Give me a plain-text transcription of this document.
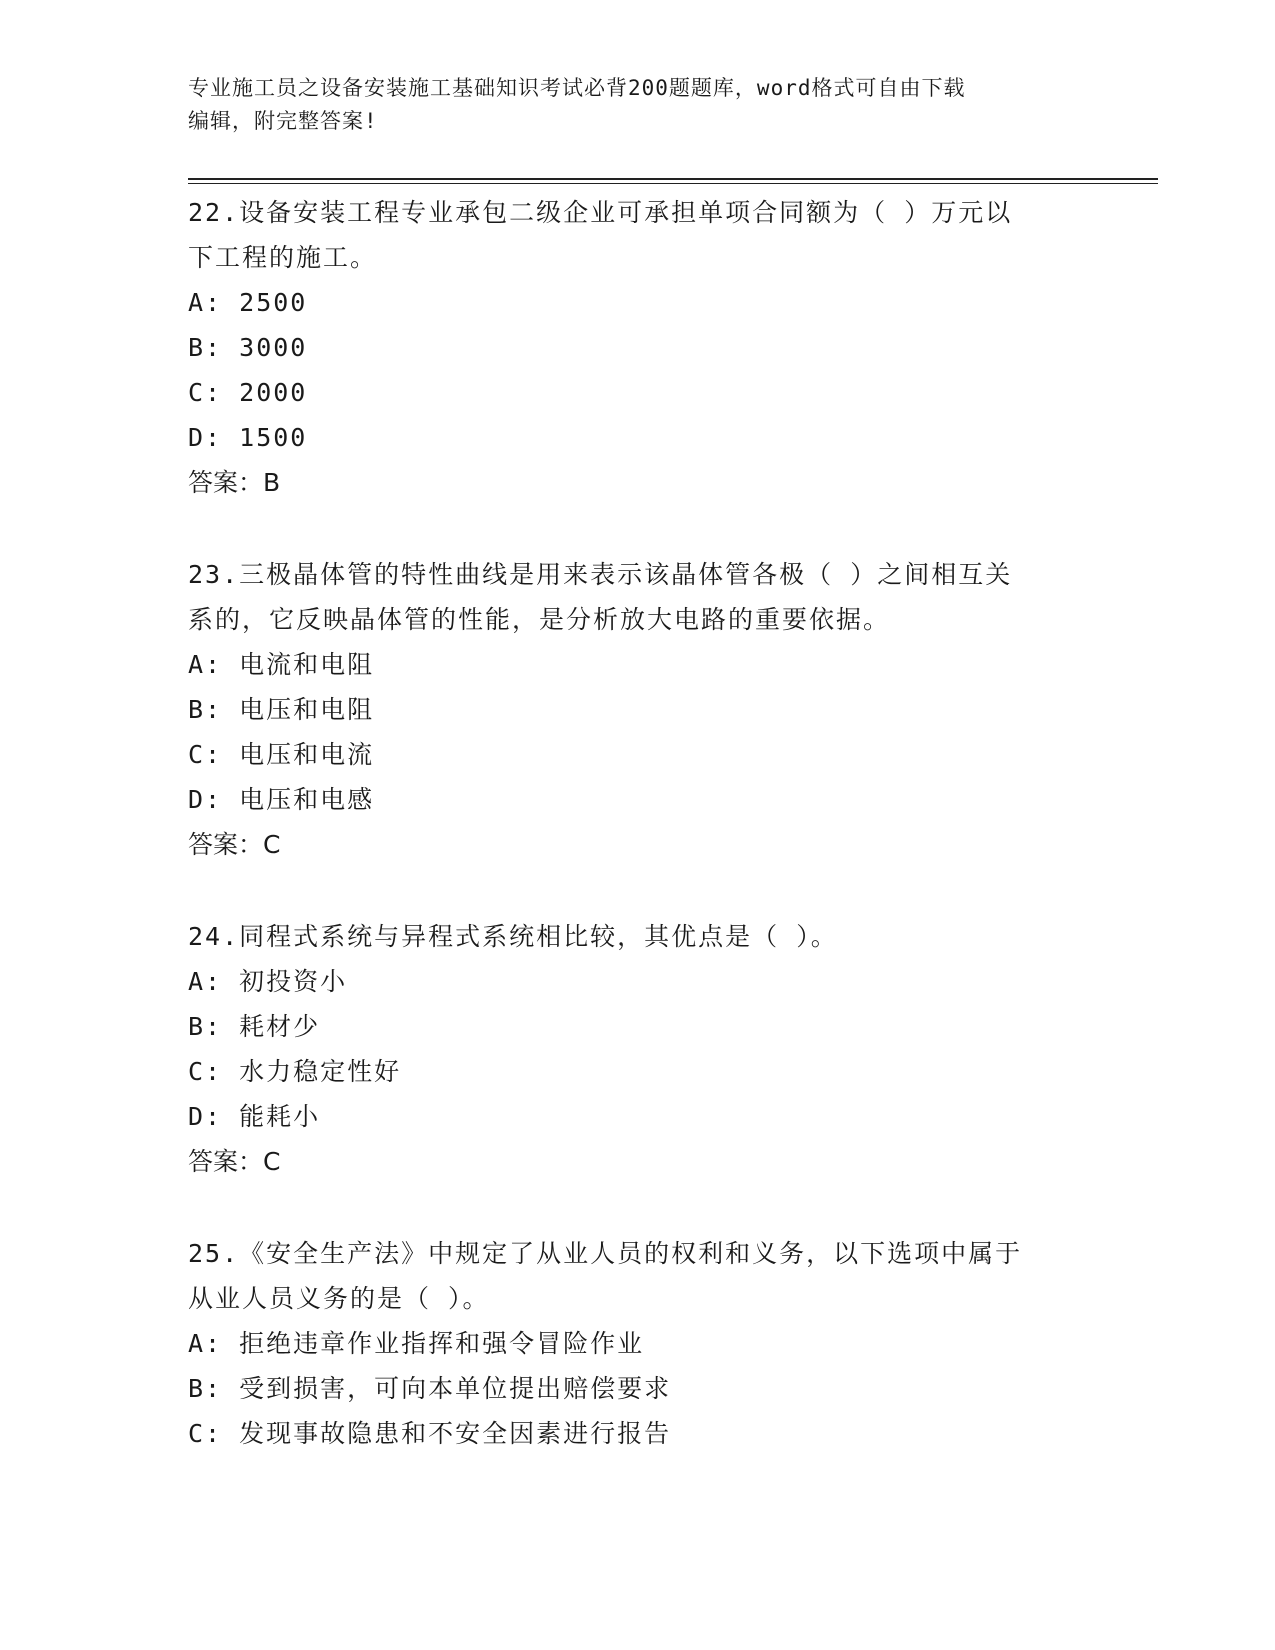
专业施工员之设备安装施工基础知识考试必背200题题库，word格式可自由下载
编辑，附完整答案!

22.设备安装工程专业承包二级企业可承担单项合同额为（ ）万元以

下工程的施工。

A: 2500

B: 3000

C: 2000

D: 1500

答案：B

23.三极晶体管的特性曲线是用来表示该晶体管各极（ ）之间相互关

系的，它反映晶体管的性能，是分析放大电路的重要依据。

A: 电流和电阻

B: 电压和电阻

C: 电压和电流

D: 电压和电感

答案：C

24.同程式系统与异程式系统相比较，其优点是（ ）。

A: 初投资小

B: 耗材少

C: 水力稳定性好

D: 能耗小

答案：C

25.《安全生产法》中规定了从业人员的权利和义务，以下选项中属于

从业人员义务的是（ ）。

A: 拒绝违章作业指挥和强令冒险作业

B: 受到损害，可向本单位提出赔偿要求

C: 发现事故隐患和不安全因素进行报告
